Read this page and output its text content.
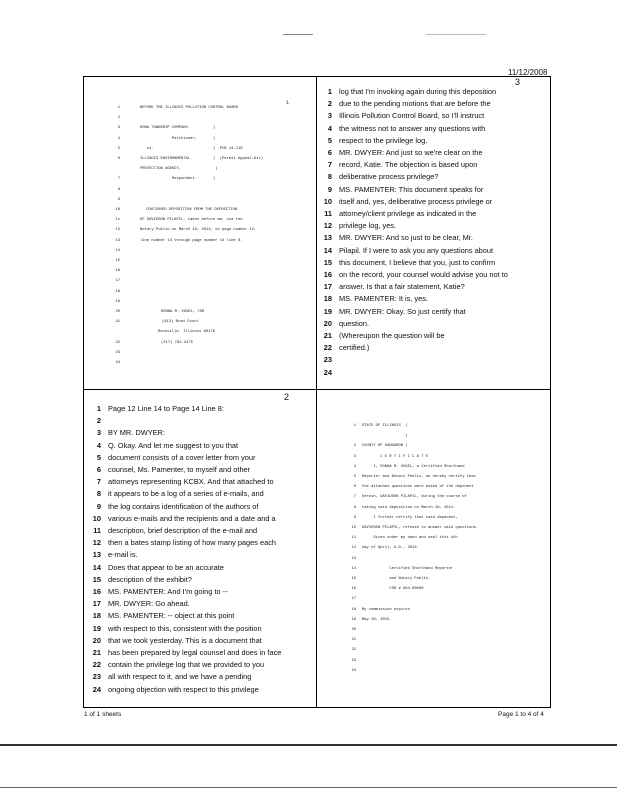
11/12/2008
1	BEFORE THE ILLINOIS POLLUTION CONTROL BOARD
2
3	KONA TOWNSHIP COMPANY,          )
4	Petitioner,       )
5	vs.                          )  PCB 14-110
6	ILLINOIS ENVIRONMENTAL          )  (Permit Appeal-Air)
PROTECTION AGENCY,               )
7	Respondent.       )
8
9
10	CONTINUED DEPOSITION FROM THE DEPOSITION
11	OF DAVIDSON PILAPIL, taken before me, via ten
12	Notary Public on March 19, 2014, on page number 12,
13	line number 14 through page number 14 line 8.
14
15
16
17
18
19
20	DONNA M. VOGEL, CSR
21	(813) Brad Court
Rockville, Illinois 60179
22	(217) 782-2475
23
24
1
3
1 log that I'm invoking again during this deposition
2 due to the pending motions that are before the
3 Illinois Pollution Control Board, so I'll instruct
4 the witness not to answer any questions with
5 respect to the privilege log.
6 MR. DWYER: And just so we're clear on the
7 record, Katie. The objection is based upon
8 deliberative process privilege?
9 MS. PAMENTER: This document speaks for
10 itself and, yes, deliberative process privilege or
11 attorney/client privilege as indicated in the
12 privilege log, yes.
13 MR. DWYER: And so just to be clear, Mr.
14 Pilapil. If I were to ask you any questions about
15 this document, I believe that you, just to confirm
16 on the record, your counsel would advise you not to
17 answer. Is that a fair statement, Katie?
18 MS. PAMENTER: It is, yes.
19 MR. DWYER: Okay. So just certify that
20 question.
21 (Whereupon the question will be
22 certified.)
23
24
2
1 Page 12 Line 14 to Page 14 Line 8:
2
3 BY MR. DWYER:
4 Q. Okay. And let me suggest to you that
5 document consists of a cover letter from your
6 counsel, Ms. Pamenter, to myself and other
7 attorneys representing KCBX. And that attached to
8 it appears to be a log of a series of e-mails, and
9 the log contains identification of the authors of
10 various e-mails and the recipients and a date and a
11 description, brief description of the e-mail and
12 then a bates stamp listing of how many pages each
13 e-mail is.
14 Does that appear to be an accurate
15 description of the exhibit?
16 MS. PAMENTER: And I'm going to --
17 MR. DWYER: Go ahead.
18 MS. PAMENTER: -- object at this point
19 with respect to this, consistent with the position
20 that we took yesterday. This is a document that
21 has been prepared by legal counsel and does in face
22 contain the privilege log that we provided to you
23 all with respect to it, and we have a pending
24 ongoing objection with respect to this privilege
1 STATE OF ILLINOIS  )
)
2 COUNTY OF SANGAMON )
3 C E R T I F I C A T E
4 I, DONNA M. VOGEL, a Certified Shorthand
5 Reporter and Notary Public, do hereby certify that
6 the attached questions were asked of the deponent
7 herein, DAVIDSON PILAPIL, during the course of
8 taking said deposition on March 19, 2014.
9 I further certify that said deponent,
10 DAVIDSON PILAPIL, refused to answer said questions.
11 Given under my hand and seal this 4th
12 day of April, A.D., 2014.
13
14 Certified Shorthand Reporter
15 and Notary Public,
16 CSR # 084-00000
17
18 My commission expires
19 May 18, 2015.
20
21
22
23
24
1 of 1 sheets	Page 1 to 4 of 4
